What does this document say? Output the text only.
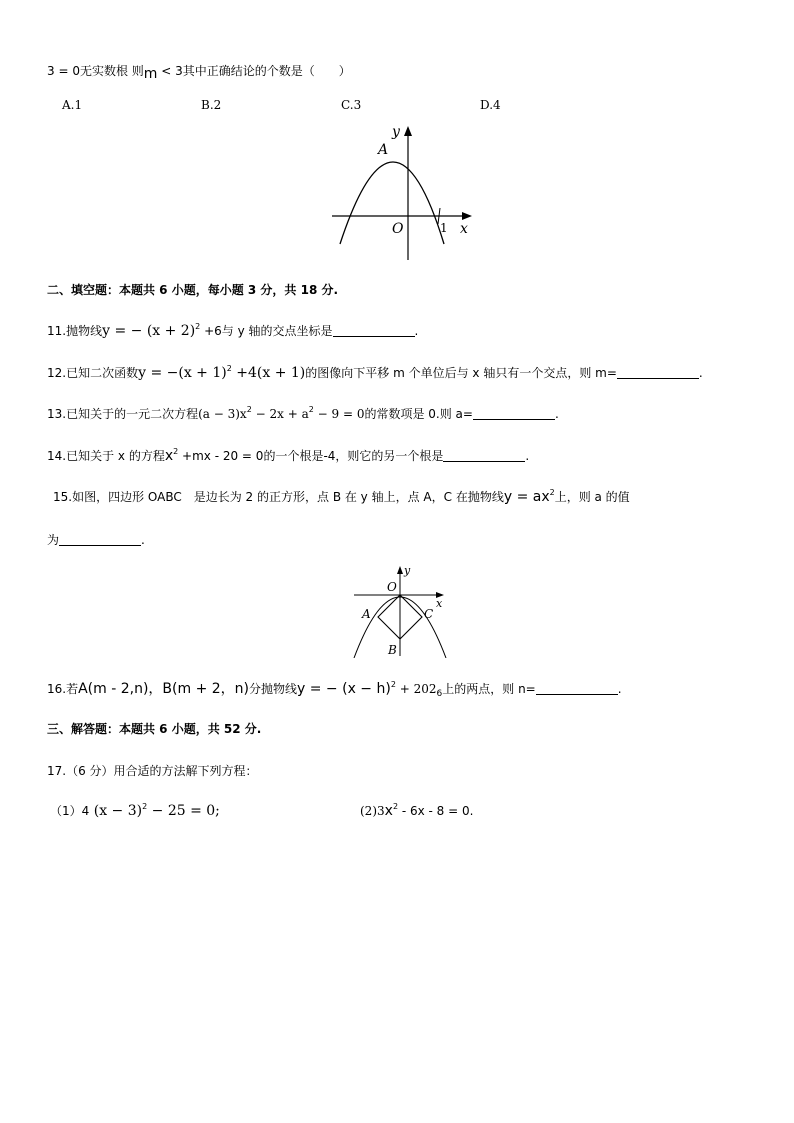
3 = 0无实数根 则m < 3其中正确结论的个数是（　　）
A.1	B.2	C.3	D.4
y
A
O	1 x
二、填空题：本题共 6 小题，每小题 3 分，共 18 分.
11.抛物线y = − $(x + 2)^2 +6$与 y 轴的交点坐标是	.
12.已知二次函数$y = -(x + 1)^2 +4(x + 1)$的图像向下平移 m 个单位后与 x 轴只有一个交点，则 m=	.
13.已知关于的一元二次方程$(a - 3)x^2 - 2x + a^2 - 9 = 0$的常数项是 0.则 a=	.
14.已知关于 x 的方程$x^2 +mx - 20 = 0$的一个根是-4，则它的另一个根是	.
15.如图，四边形 OABC　是边长为 2 的正方形，点 B 在 y 轴上，点 A，C 在抛物线$y = ax^2$上，则 a 的值
为	.
y
O
x
A	C
B
16.若A(m - 2,n)，B(m + 2，n)分抛物线y = − $(x - h)^2 + 202_6$上的两点，则 n=	.
三、解答题：本题共 6 小题，共 52 分.
17.（6 分）用合适的方法解下列方程：
（1）4 $(x - 3)^2 - 25 = 0$;	$(2)3x^2 - 6x - 8 = 0$.
